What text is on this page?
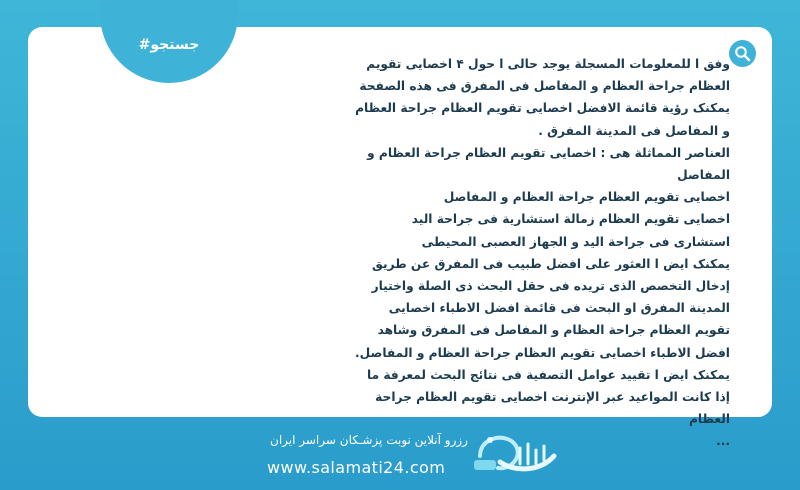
#جستجو

وفق ا للمعلومات المسجلة یوجد حالی ا حول ۴ اخصایی تقویم العظام جراحة العظام و المفاصل فی المفرق فی هذه الصفحة یمکنک رؤیة قائمة الافضل اخصایی تقویم العظام جراحة العظام و المفاصل فی المدینة المفرق .

العناصر المماثلة هی : اخصایی تقویم العظام جراحة العظام و المفاصل

اخصایی تقویم العظام جراحة العظام و المفاصل

اخصایی تقویم العظام زمالة استشاریة فی جراحة الید

استشاری فی جراحة الید و الجهاز العصبی المحیطی

یمکنک ایض ا العثور علی افضل طبیب فی المفرق عن طریق إدخال التخصص الذی تریده فی حقل البحث ذی الصلة واختیار المدینة المفرق او البحث فی قائمة افضل الاطباء اخصایی تقویم العظام جراحة العظام و المفاصل فی المفرق وشاهد افضل الاطباء اخصایی تقویم العظام جراحة العظام و المفاصل.

یمکنک ایض ا تقیید عوامل التصفیة فی نتائج البحث لمعرفة ما إذا کانت المواعید عبر الإنترنت اخصایی تقویم العظام جراحة العظام

...

رزرو آنلاین نوبت پزشـکان سراسر ایران
www.salamati24.com
